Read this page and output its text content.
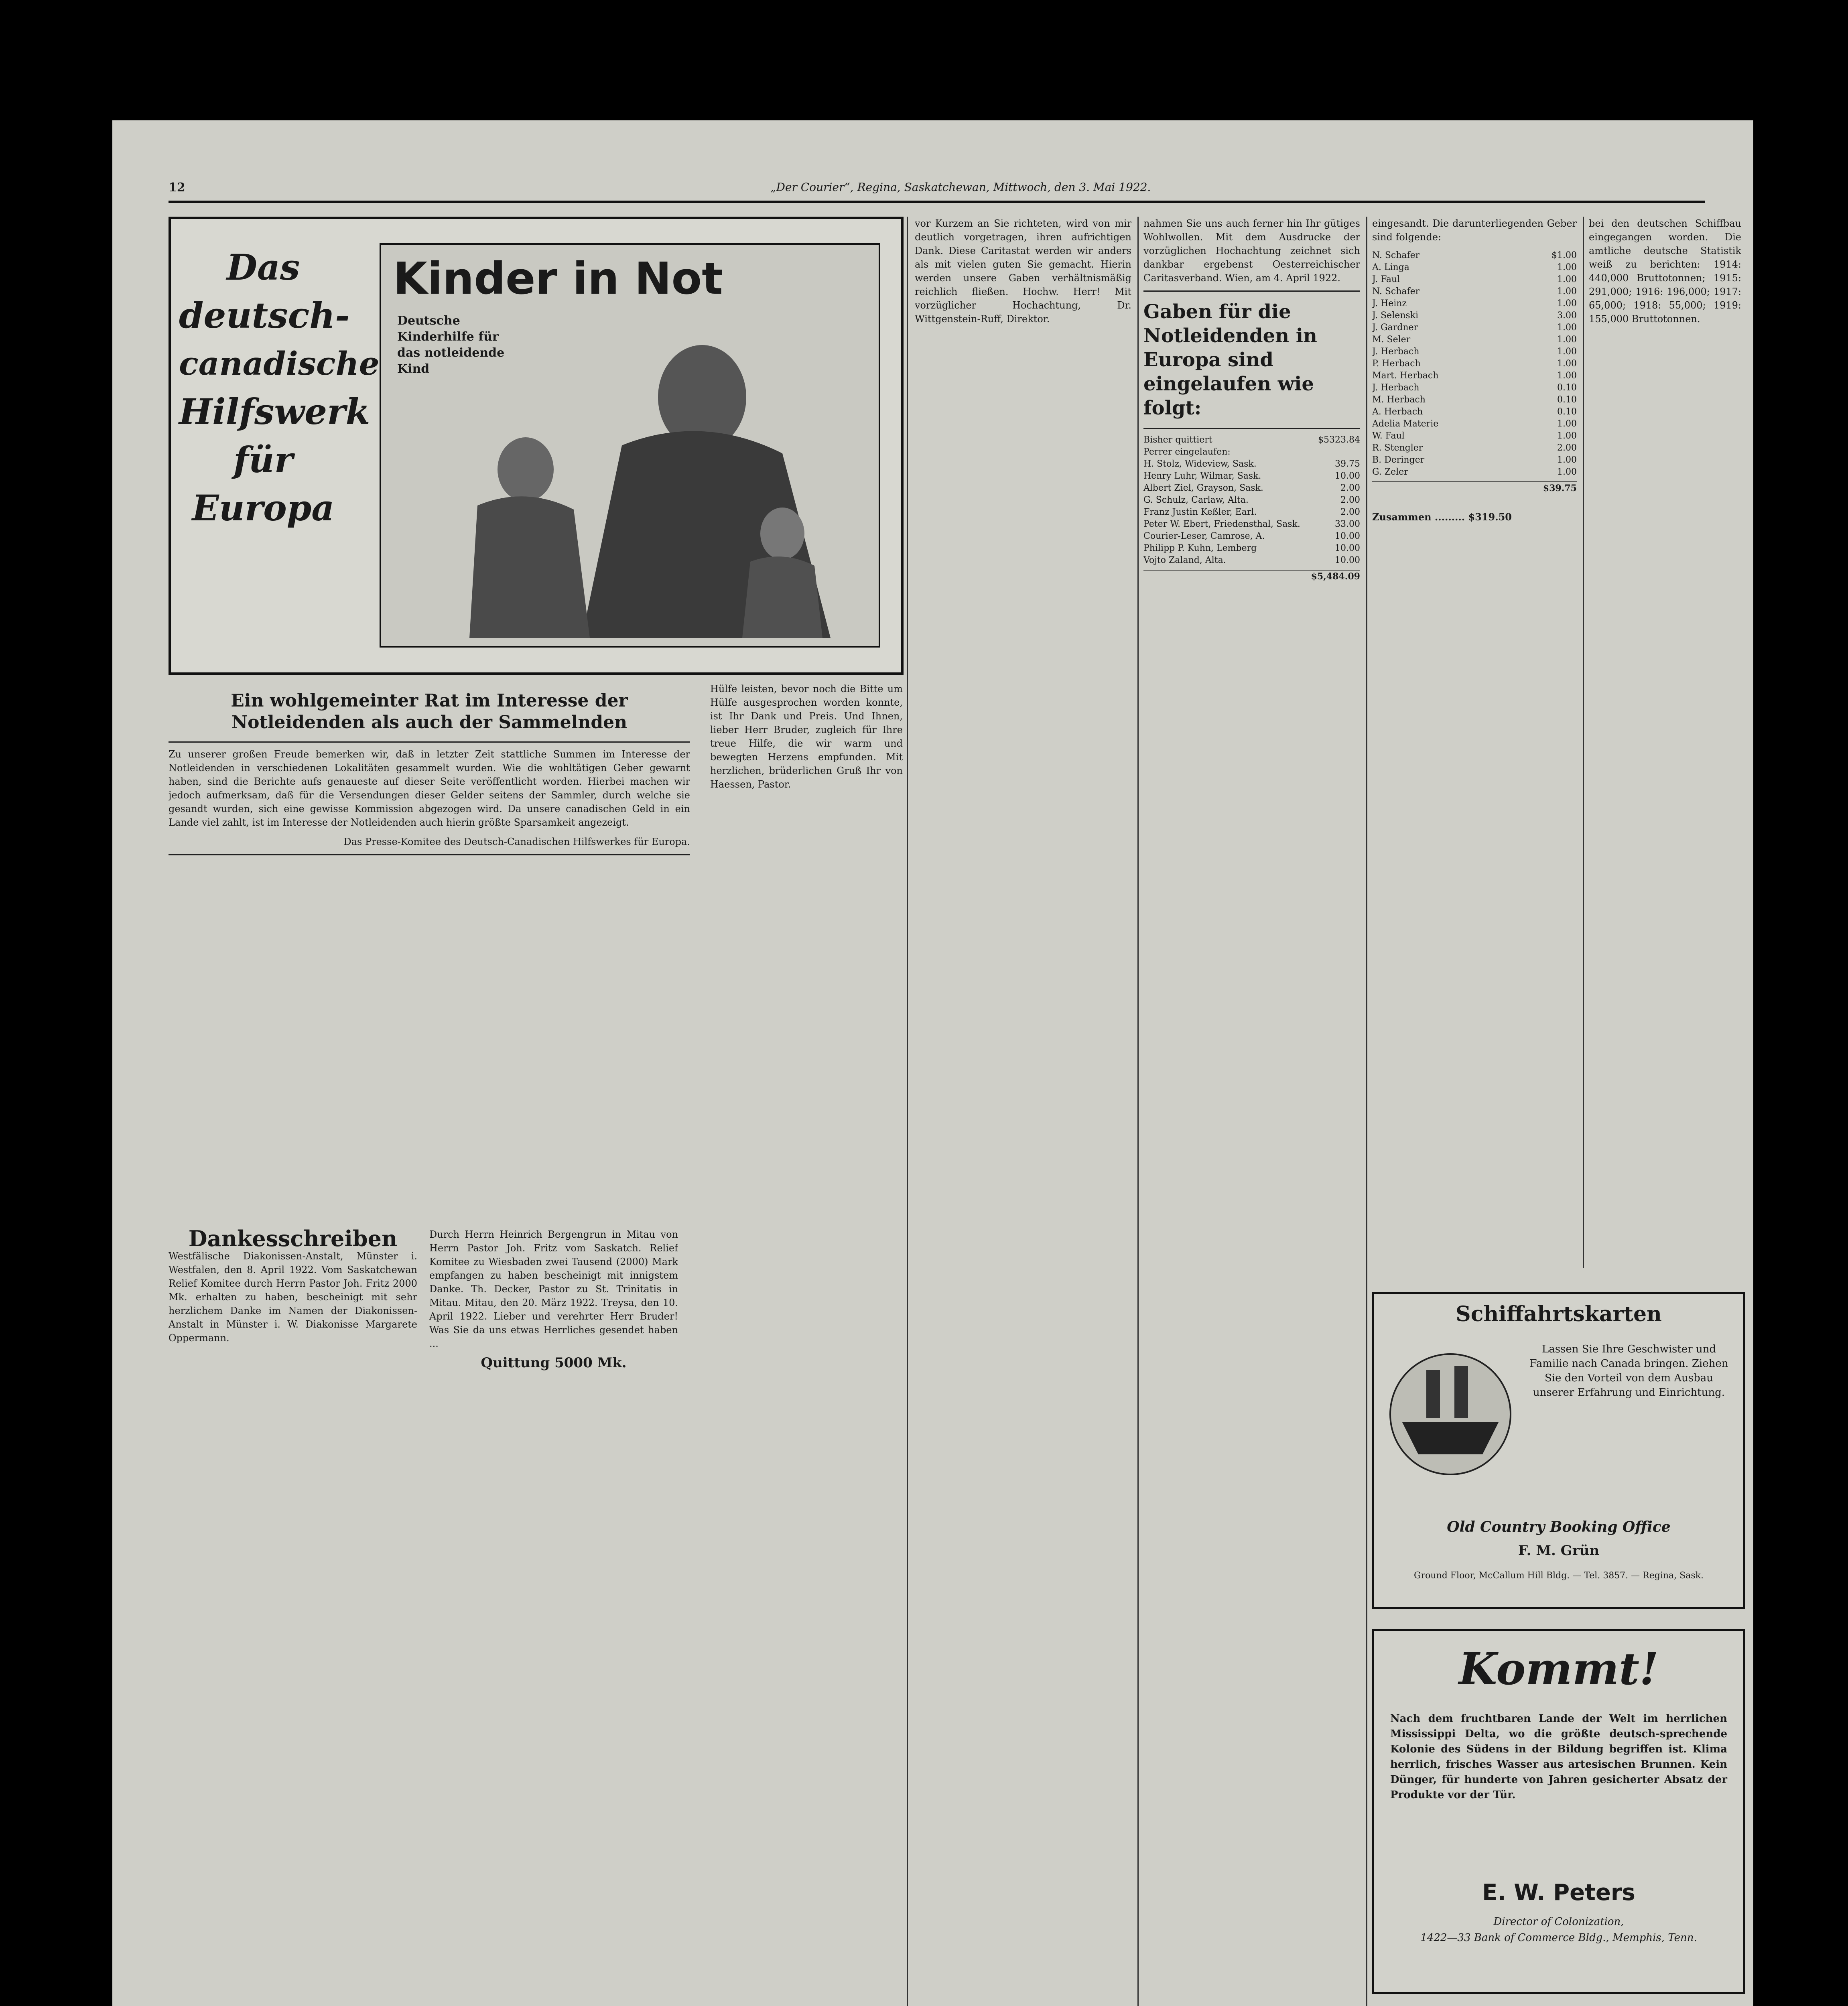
12	„Der Courier“, Regina, Saskatchewan, Mittwoch, den 3. Mai 1922.
Das
deutsch-
canadische
Hilfswerk
für
Europa
Kinder in Not
Deutsche Kinderhilfe für das notleidende Kind
Ein wohlgemeinter Rat im Interesse der Notleidenden als auch der Sammelnden

Zu unserer großen Freude bemerken wir, daß in letzter Zeit stattliche Summen im Interesse der Notleidenden in verschiedenen Lokalitäten gesammelt wurden. Wie die wohltätigen Geber gewarnt haben, sind die Berichte aufs genaueste auf dieser Seite veröffentlicht worden. Hierbei machen wir jedoch aufmerksam, daß für die Versendungen dieser Gelder seitens der Sammler, durch welche sie gesandt wurden, sich eine gewisse Kommission abgezogen wird. Da unsere canadischen Geld in ein Lande viel zahlt, ist im Interesse der Notleidenden auch hierin größte Sparsamkeit angezeigt.

Das Presse-Komitee des Deutsch-Canadischen Hilfswerkes für Europa.

Dankesschreiben

Westfälische Diakonissen-Anstalt, Münster i. Westfalen, den 8. April 1922. Vom Saskatchewan Relief Komitee durch Herrn Pastor Joh. Fritz 2000 Mk. erhalten zu haben, bescheinigt mit sehr herzlichem Danke im Namen der Diakonissen-Anstalt in Münster i. W. Diakonisse Margarete Oppermann.

Durch Herrn Heinrich Bergengrun in Mitau von Herrn Pastor Joh. Fritz vom Saskatch. Relief Komitee zu Wiesbaden zwei Tausend (2000) Mark empfangen zu haben bescheinigt mit innigstem Danke. Th. Decker, Pastor zu St. Trinitatis in Mitau. Mitau, den 20. März 1922. Treysa, den 10. April 1922. Lieber und verehrter Herr Bruder! Was Sie da uns etwas Herrliches gesendet haben ...

Quittung 5000 Mk.

Hülfe leisten, bevor noch die Bitte um Hülfe ausgesprochen worden konnte, ist Ihr Dank und Preis. Und Ihnen, lieber Herr Bruder, zugleich für Ihre treue Hilfe, die wir warm und bewegten Herzens empfunden. Mit herzlichen, brüderlichen Gruß Ihr von Haessen, Pastor.

vor Kurzem an Sie richteten, wird von mir deutlich vorgetragen, ihren aufrichtigen Dank. Diese Caritastat werden wir anders als mit vielen guten Sie gemacht. Hierin werden unsere Gaben verhältnismäßig reichlich fließen. Hochw. Herr! Mit vorzüglicher Hochachtung, Dr. Wittgenstein-Ruff, Direktor.

nahmen Sie uns auch ferner hin Ihr gütiges Wohlwollen. Mit dem Ausdrucke der vorzüglichen Hochachtung zeichnet sich dankbar ergebenst Oesterreichischer Caritasverband. Wien, am 4. April 1922.

Gaben für die Notleidenden in Europa sind eingelaufen wie folgt:
Bisher quittiert	$5323.84
Perrer eingelaufen:
H. Stolz, Wideview, Sask.	39.75
Henry Luhr, Wilmar, Sask.	10.00
Albert Ziel, Grayson, Sask.	2.00
G. Schulz, Carlaw, Alta.	2.00
Franz Justin Keßler, Earl.	2.00
Peter W. Ebert, Friedensthal, Sask.	33.00
Courier-Leser, Camrose, A.	10.00
Philipp P. Kuhn, Lemberg	10.00
Vojto Zaland, Alta.	10.00

$5,484.09

eingesandt. Die darunterliegenden Geber sind folgende:

N. Schafer	$1.00
A. Linga	1.00
J. Faul	1.00
N. Schafer	1.00
J. Heinz	1.00
J. Selenski	3.00
J. Gardner	1.00
M. Seler	1.00
J. Herbach	1.00
P. Herbach	1.00
Mart. Herbach	1.00
J. Herbach	0.10
M. Herbach	0.10
A. Herbach	0.10
Adelia Materie	1.00
W. Faul	1.00
R. Stengler	2.00
B. Deringer	1.00
G. Zeler	1.00

$39.75

Zusammen ......... $319.50

bei den deutschen Schiffbau eingegangen worden. Die amtliche deutsche Statistik weiß zu berichten: 1914: 440,000 Bruttotonnen; 1915: 291,000; 1916: 196,000; 1917: 65,000; 1918: 55,000; 1919: 155,000 Bruttotonnen.

Schiffahrtskarten
Lassen Sie Ihre Geschwister und Familie nach Canada bringen. Ziehen Sie den Vorteil von dem Ausbau unserer Erfahrung und Einrichtung.
Old Country Booking Office
F. M. Grün
Ground Floor, McCallum Hill Bldg. — Tel. 3857. — Regina, Sask.
Kommt!
Nach dem fruchtbaren Lande der Welt im herrlichen Mississippi Delta, wo die größte deutsch-sprechende Kolonie des Südens in der Bildung begriffen ist. Klima herrlich, frisches Wasser aus artesischen Brunnen. Kein Dünger, für hunderte von Jahren gesicherter Absatz der Produkte vor der Tür.
E. W. Peters
Director of Colonization,
1422—33 Bank of Commerce Bldg., Memphis, Tenn.
